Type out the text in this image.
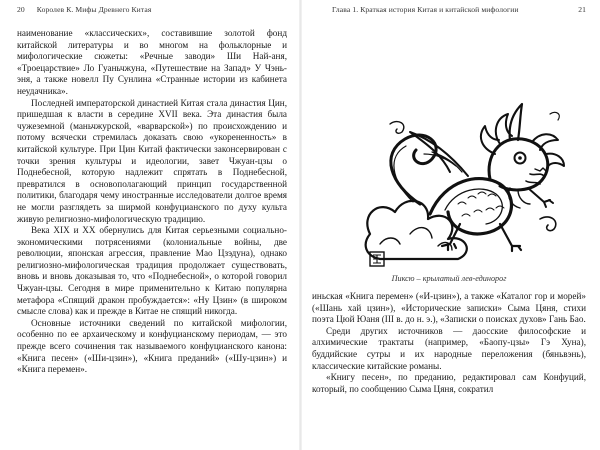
20 Королев К. Мифы Древнего Китая

наименование «классических», составившие золотой фонд китайской литературы и во многом на фольклорные и мифологические сюжеты: «Речные заводи» Ши Най-аня, «Троецарствие» Ло Гуаньчжуна, «Путешествие на Запад» У Чэнь-эня, а также новелл Пу Сунлина «Странные истории из кабинета неудачника».

Последней императорской династией Китая стала династия Цин, пришедшая к власти в середине XVII века. Эта династия была чужеземной (маньчжурской, «варварской») по происхождению и потому всячески стремилась доказать свою «укорененность» в китайской культуре. При Цин Китай фактически законсервирован с точки зрения культуры и идеологии, завет Чжуан-цзы о Поднебесной, которую надлежит спрятать в Поднебесной, превратился в основополагающий принцип государственной политики, благодаря чему иностранные исследователи долгое время не могли разглядеть за ширмой конфуцианского по духу культа живую религиозно-мифологическую традицию.

Века XIX и XX обернулись для Китая серьезными социально-экономическими потрясениями (колониальные войны, две революции, японская агрессия, правление Мао Цзэдуна), однако религиозно-мифологическая традиция продолжает существовать, вновь и вновь доказывая то, что «Поднебесной», о которой говорил Чжуан-цзы. Сегодня в мире применительно к Китаю популярна метафора «Спящий дракон пробуждается»: «Ну Цзин» (в широком смысле слова) как и прежде в Китае не спящий никогда.

Основные источники сведений по китайской мифологии, особенно по ее архаическому и конфуцианскому периодам, — это прежде всего сочинения так называемого конфуцианского канона: «Книга песен» («Ши-цзин»), «Книга преданий» («Шу-цзин») и «Книга перемен».

Глава 1. Краткая история Китая и китайской мифологии	21
Пиксю – крылатый лев-единорог

иньская «Книга перемен» («И-цзин»), а также «Каталог гор и морей» («Шань хай цзин»), «Исторические записки» Сыма Цяня, стихи поэта Цюй Юаня (III в. до н. э.), «Записки о поисках духов» Гань Бао.

Среди других источников — даосские философские и алхимические трактаты (например, «Баопу-цзы» Гэ Хуна), буддийские сутры и их народные переложения (бяньвэнь), классические китайские романы.

«Книгу песен», по преданию, редактировал сам Конфуций, который, по сообщению Сыма Цяня, сократил
